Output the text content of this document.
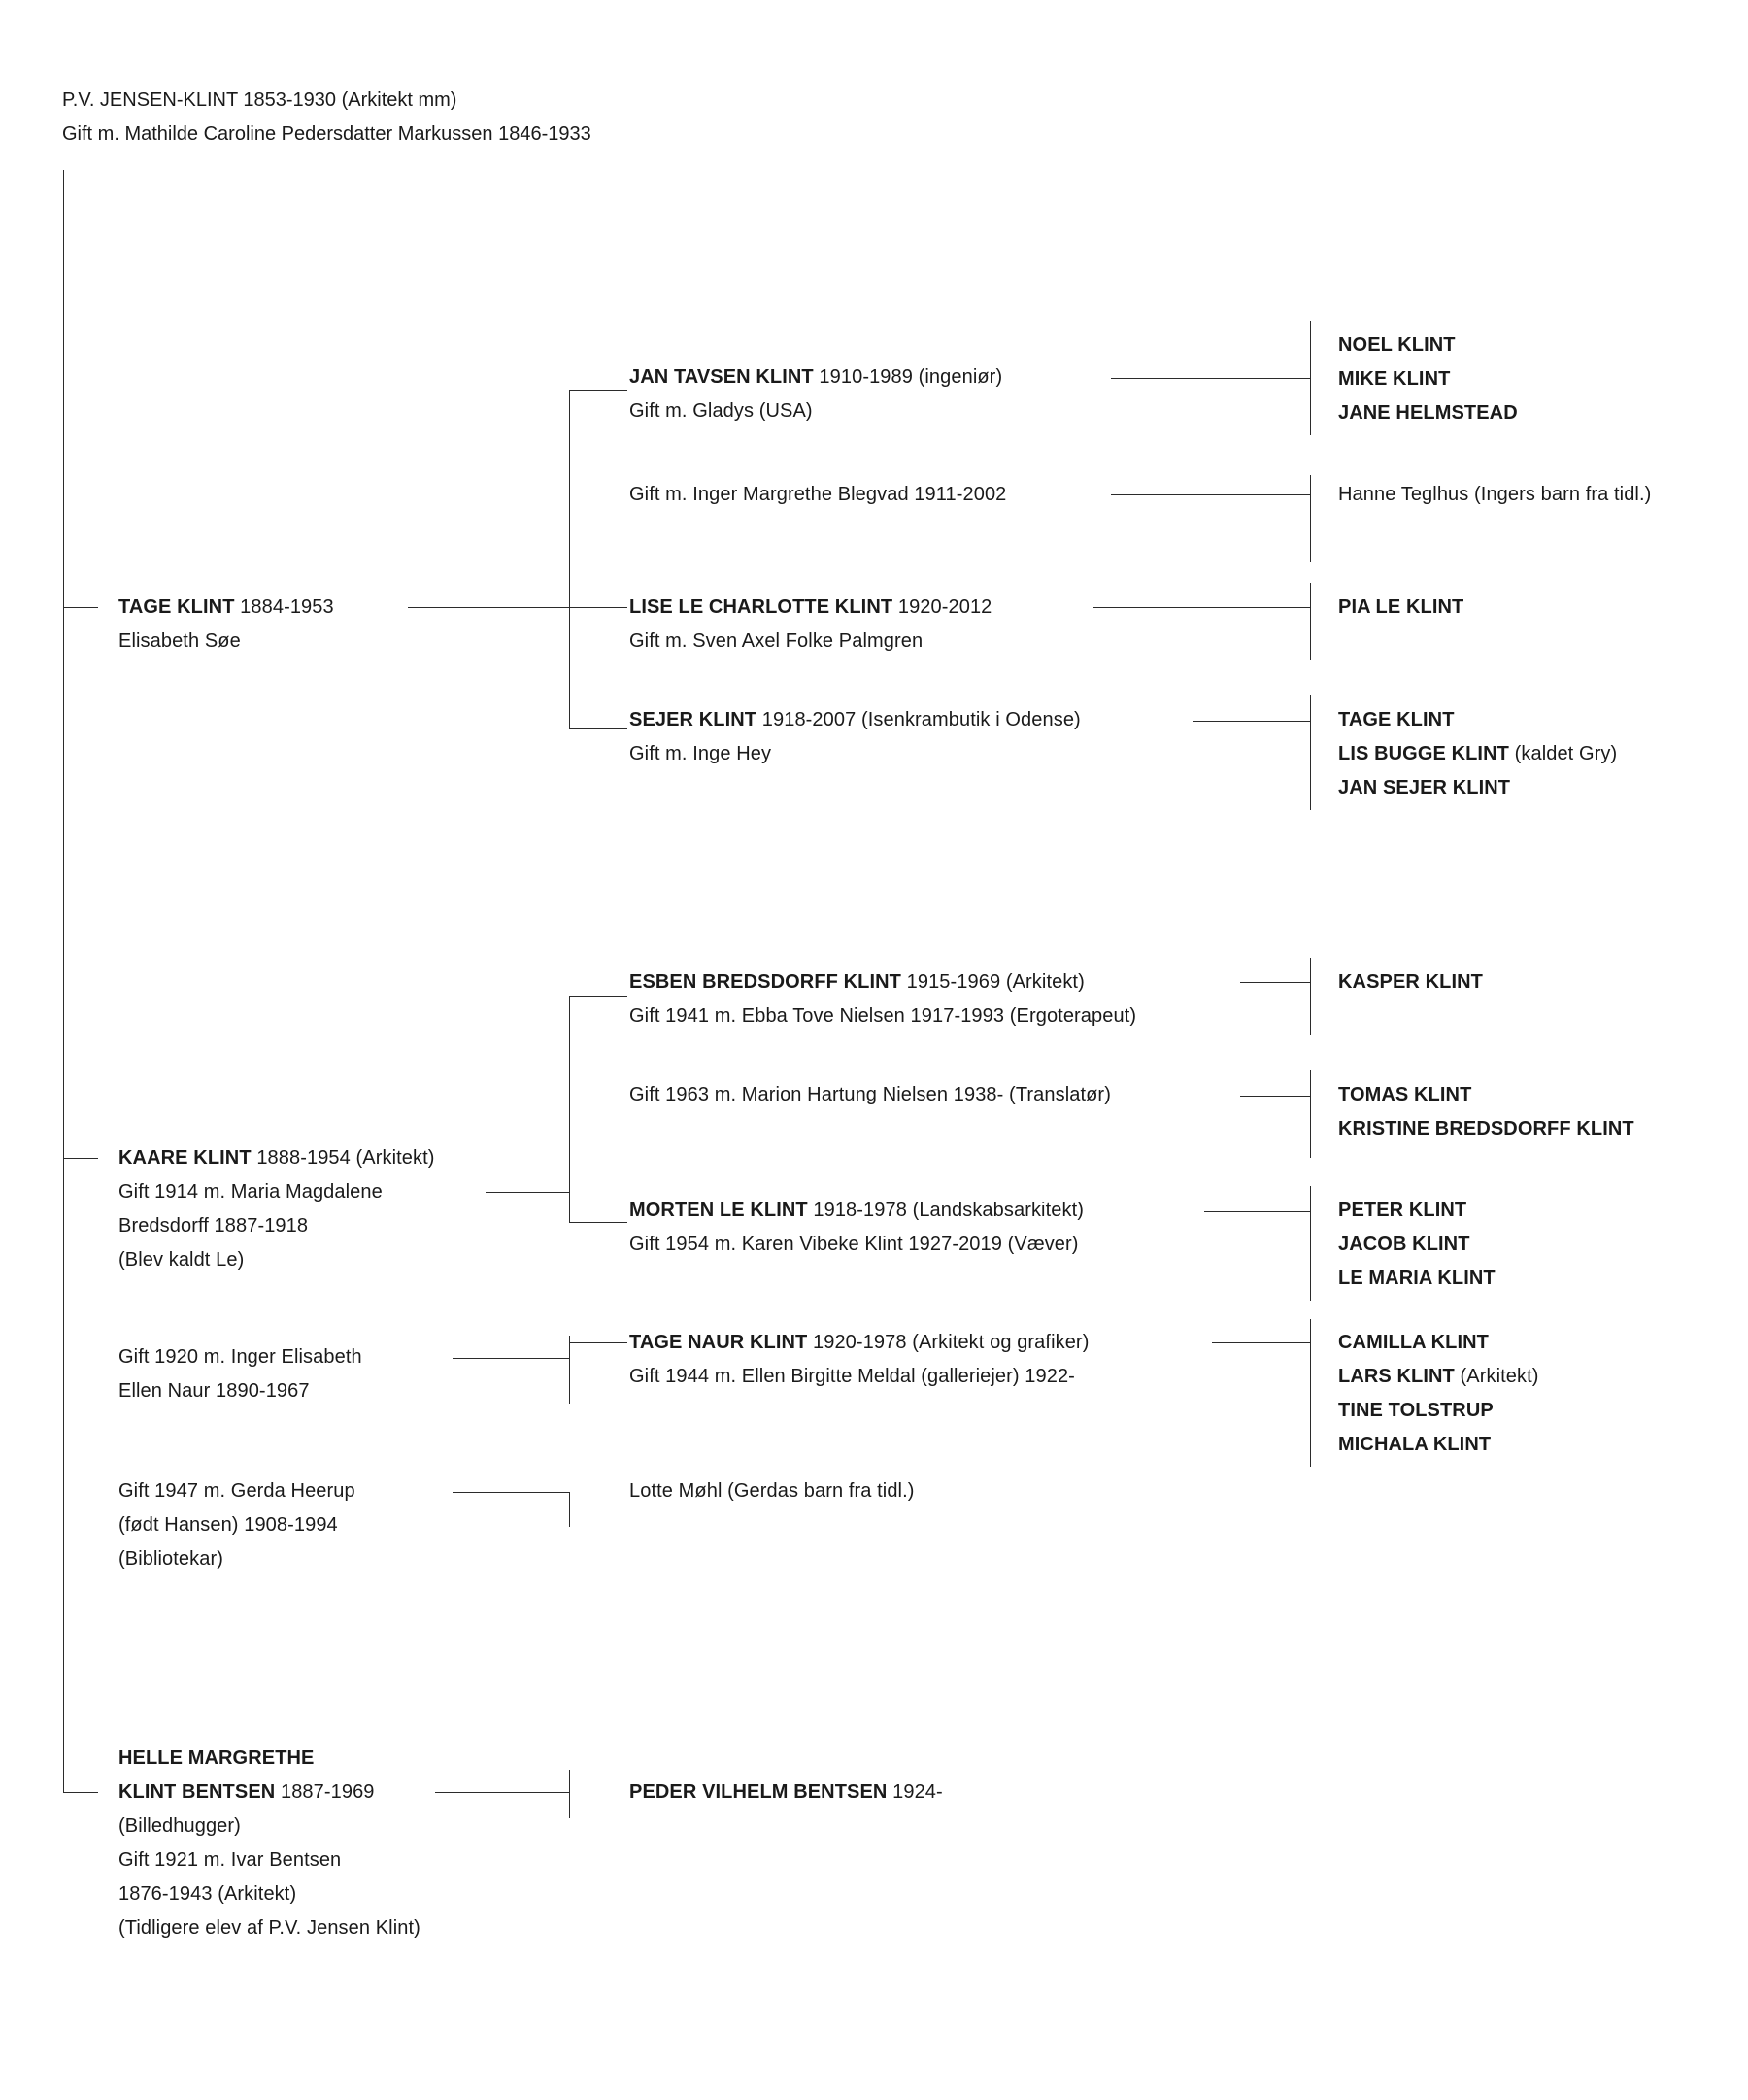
P.V. JENSEN-KLINT 1853-1930 (Arkitekt mm)
Gift m. Mathilde Caroline Pedersdatter Markussen 1846-1933
TAGE KLINT 1884-1953
Elisabeth Søe
JAN TAVSEN KLINT 1910-1989 (ingeniør)
Gift m. Gladys (USA)
NOEL KLINT
MIKE KLINT
JANE HELMSTEAD
Gift m. Inger Margrethe Blegvad 1911-2002	Hanne Teglhus (Ingers barn fra tidl.)
LISE LE CHARLOTTE KLINT 1920-2012
Gift m. Sven Axel Folke Palmgren
PIA LE KLINT
SEJER KLINT 1918-2007 (Isenkrambutik i Odense)
Gift m. Inge Hey
TAGE KLINT
LIS BUGGE KLINT (kaldet Gry)
JAN SEJER KLINT
KAARE KLINT 1888-1954 (Arkitekt)
Gift 1914 m. Maria Magdalene
Bredsdorff 1887-1918
(Blev kaldt Le)
ESBEN BREDSDORFF KLINT 1915-1969 (Arkitekt)
Gift 1941 m. Ebba Tove Nielsen 1917-1993 (Ergoterapeut)
KASPER KLINT
Gift 1963 m. Marion Hartung Nielsen 1938- (Translatør)	TOMAS KLINT
KRISTINE BREDSDORFF KLINT
MORTEN LE KLINT 1918-1978 (Landskabsarkitekt)
Gift 1954 m. Karen Vibeke Klint 1927-2019 (Væver)
PETER KLINT
JACOB KLINT
LE MARIA KLINT
Gift 1920 m. Inger Elisabeth
Ellen Naur 1890-1967
TAGE NAUR KLINT 1920-1978 (Arkitekt og grafiker)
Gift 1944 m. Ellen Birgitte Meldal (galleriejer) 1922-
CAMILLA KLINT
LARS KLINT (Arkitekt)
TINE TOLSTRUP
MICHALA KLINT
Gift 1947 m. Gerda Heerup
(født Hansen) 1908-1994
(Bibliotekar)
Lotte Møhl (Gerdas barn fra tidl.)
HELLE MARGRETHE
KLINT BENTSEN 1887-1969
(Billedhugger)
Gift 1921 m. Ivar Bentsen
1876-1943 (Arkitekt)
(Tidligere elev af P.V. Jensen Klint)
PEDER VILHELM BENTSEN 1924-
